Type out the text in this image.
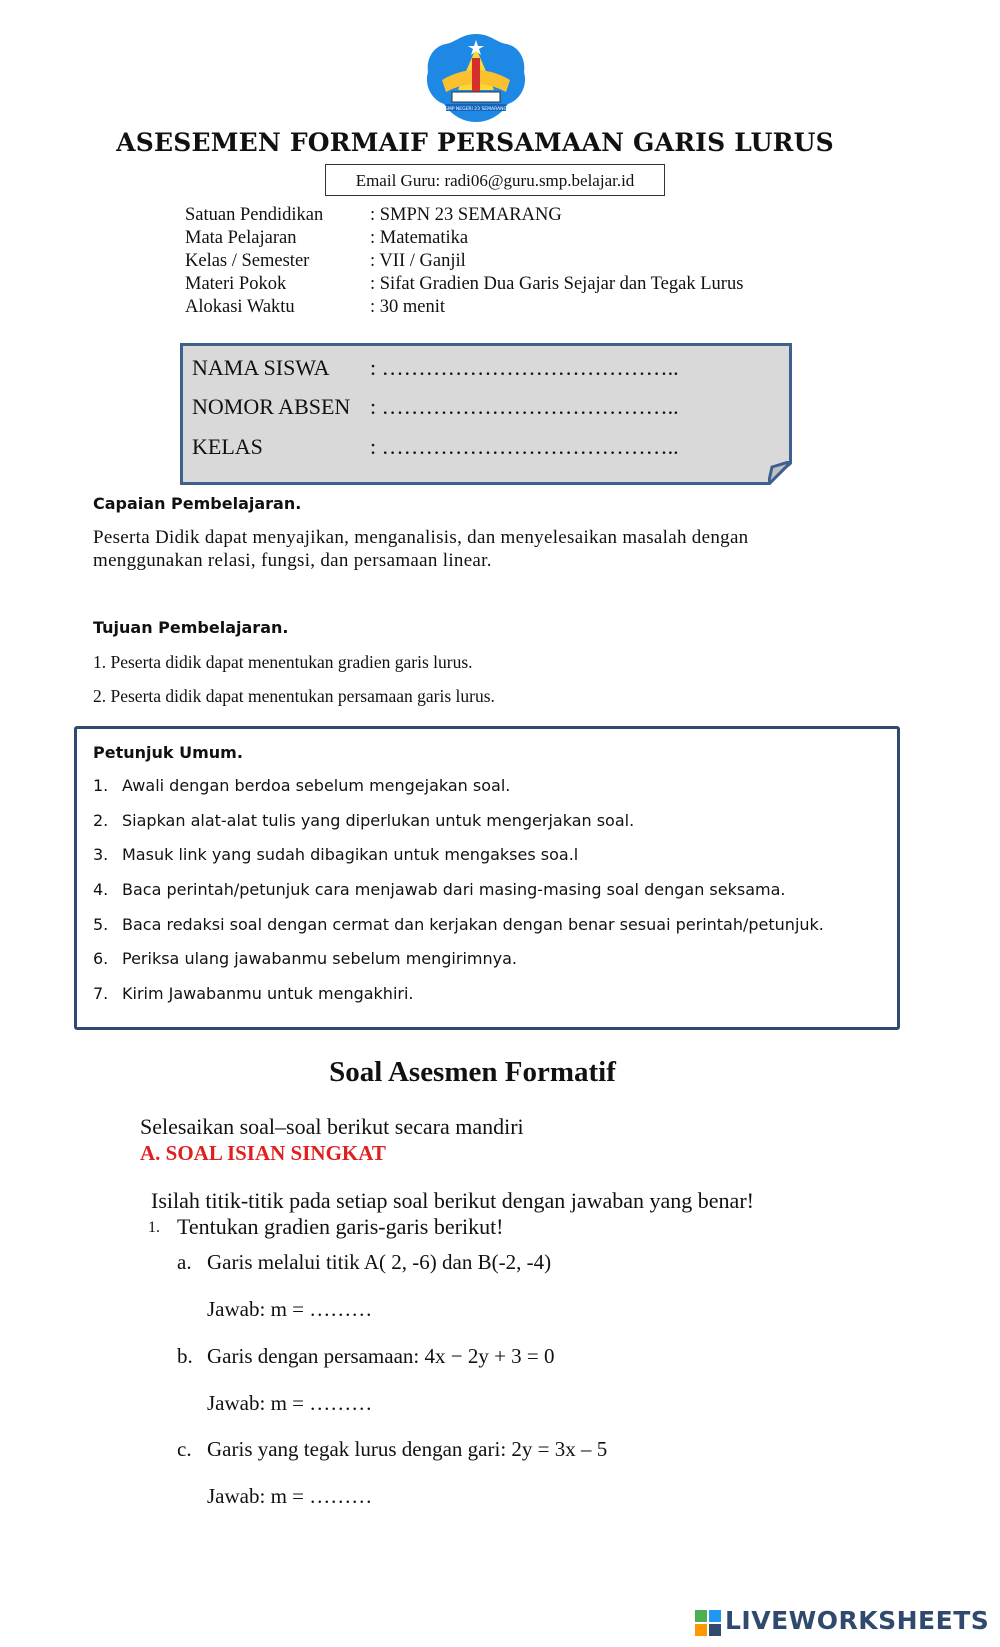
SMP NEGERI 23 SEMARANG
ASESEMEN FORMAIF PERSAMAAN GARIS LURUS
Email Guru: radi06@guru.smp.belajar.id
Satuan Pendidikan	: SMPN 23 SEMARANG
Mata Pelajaran	: Matematika
Kelas / Semester	: VII / Ganjil
Materi Pokok	: Sifat Gradien Dua Garis Sejajar dan Tegak Lurus
Alokasi Waktu	: 30 menit
NAMA SISWA : …………………………………..
NOMOR ABSEN : …………………………………..
KELAS	: …………………………………..
Capaian Pembelajaran.
Peserta Didik dapat menyajikan, menganalisis, dan menyelesaikan masalah dengan
menggunakan relasi, fungsi, dan persamaan linear.
Tujuan Pembelajaran.
1. Peserta didik dapat menentukan gradien garis lurus.
2. Peserta didik dapat menentukan persamaan garis lurus.
Petunjuk Umum.
1. Awali dengan berdoa sebelum mengejakan soal.
2. Siapkan alat-alat tulis yang diperlukan untuk mengerjakan soal.
3. Masuk link yang sudah dibagikan untuk mengakses soa.l
4. Baca perintah/petunjuk cara menjawab dari masing-masing soal dengan seksama.
5. Baca redaksi soal dengan cermat dan kerjakan dengan benar sesuai perintah/petunjuk.
6. Periksa ulang jawabanmu sebelum mengirimnya.
7. Kirim Jawabanmu untuk mengakhiri.
Soal Asesmen Formatif
Selesaikan soal–soal berikut secara mandiri
A. SOAL ISIAN SINGKAT
Isilah titik-titik pada setiap soal berikut dengan jawaban yang benar!
1. Tentukan gradien garis-garis berikut!
a. Garis melalui titik A( 2, -6) dan B(-2, -4)
Jawab: m = ………
b. Garis dengan persamaan: 4x − 2y + 3 = 0
Jawab: m = ………
c. Garis yang tegak lurus dengan gari: 2y = 3x – 5
Jawab: m = ………
LIVEWORKSHEETS
